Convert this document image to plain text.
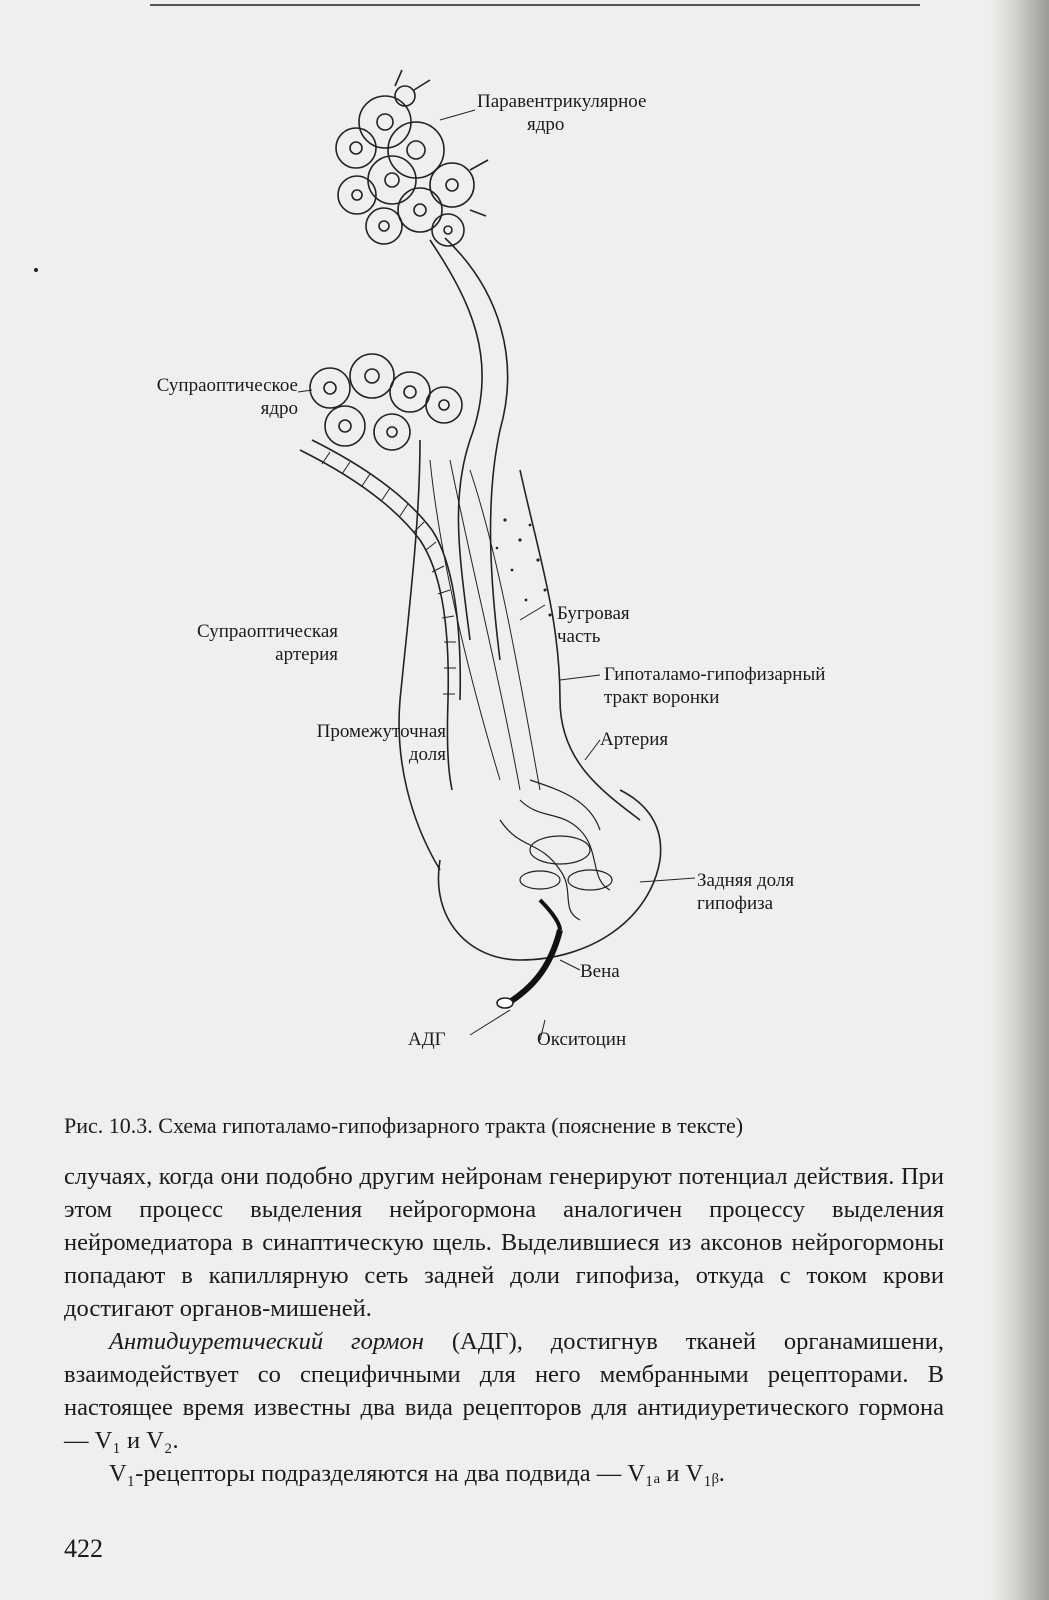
Паравентрикулярное
ядро
Супраоптическое
ядро
Супраоптическая
артерия
Бугровая
часть
Гипоталамо-гипофизарный
тракт воронки
Промежуточная
доля
Артерия
Задняя доля
гипофиза
Вена
АДГ	Окситоцин
Рис. 10.3. Схема гипоталамо-гипофизарного тракта (пояснение в тексте)

случаях, когда они подобно другим нейронам генерируют потенциал действия. При этом процесс выделения нейрогормона аналогичен процессу выделения нейромедиатора в синаптическую щель. Выделившиеся из аксонов нейрогормоны попадают в капиллярную сеть задней доли гипофиза, откуда с током крови достигают органов-мишеней.

Антидиуретический гормон (АДГ), достигнув тканей органамишени, взаимодействует со специфичными для него мембранными рецепторами. В настоящее время известны два вида рецепторов для антидиуретического гормона — V₁ и V₂.

V₁-рецепторы подразделяются на два подвида — V₁ₐ и V₁ᵦ.

422
